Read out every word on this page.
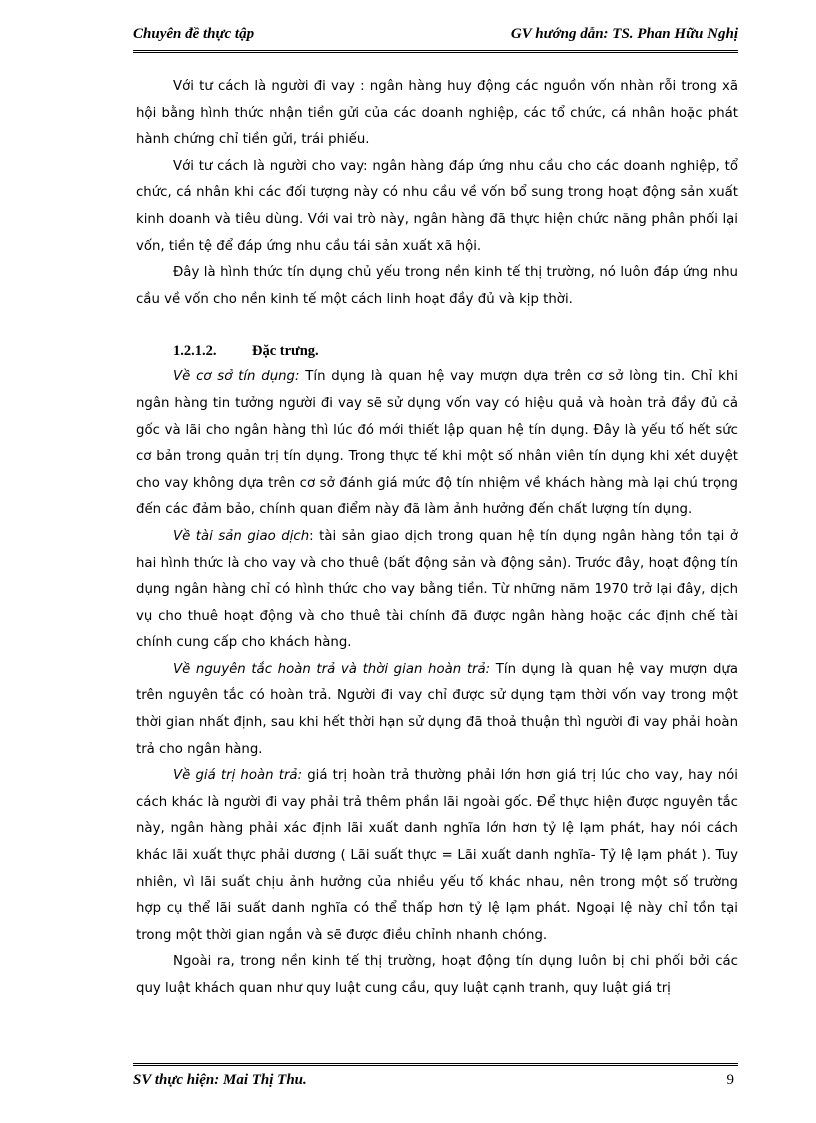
Chuyên đề thực tập	GV hướng dẫn: TS. Phan Hữu Nghị

Với tư cách là người đi vay : ngân hàng huy động các nguồn vốn nhàn rỗi trong xã hội bằng hình thức nhận tiền gửi của các doanh nghiệp, các tổ chức, cá nhân hoặc phát hành chứng chỉ tiền gửi, trái phiếu.

Với tư cách là người cho vay: ngân hàng đáp ứng nhu cầu cho các doanh nghiệp, tổ chức, cá nhân khi các đối tượng này có nhu cầu về vốn bổ sung trong hoạt động sản xuất kinh doanh và tiêu dùng. Với vai trò này, ngân hàng đã thực hiện chức năng phân phối lại vốn, tiền tệ để đáp ứng nhu cầu tái sản xuất xã hội.

Đây là hình thức tín dụng chủ yếu trong nền kinh tế thị trường, nó luôn đáp ứng nhu cầu về vốn cho nền kinh tế một cách linh hoạt đầy đủ và kịp thời.

1.2.1.2. Đặc trưng.

Về cơ sở tín dụng: Tín dụng là quan hệ vay mượn dựa trên cơ sở lòng tin. Chỉ khi ngân hàng tin tưởng người đi vay sẽ sử dụng vốn vay có hiệu quả và hoàn trả đầy đủ cả gốc và lãi cho ngân hàng thì lúc đó mới thiết lập quan hệ tín dụng. Đây là yếu tố hết sức cơ bản trong quản trị tín dụng. Trong thực tế khi một số nhân viên tín dụng khi xét duyệt cho vay không dựa trên cơ sở đánh giá mức độ tín nhiệm về khách hàng mà lại chú trọng đến các đảm bảo, chính quan điểm này đã làm ảnh hưởng đến chất lượng tín dụng.

Về tài sản giao dịch: tài sản giao dịch trong quan hệ tín dụng ngân hàng tồn tại ở hai hình thức là cho vay và cho thuê (bất động sản và động sản). Trước đây, hoạt động tín dụng ngân hàng chỉ có hình thức cho vay bằng tiền. Từ những năm 1970 trở lại đây, dịch vụ cho thuê hoạt động và cho thuê tài chính đã được ngân hàng hoặc các định chế tài chính cung cấp cho khách hàng.

Về nguyên tắc hoàn trả và thời gian hoàn trả: Tín dụng là quan hệ vay mượn dựa trên nguyên tắc có hoàn trả. Người đi vay chỉ được sử dụng tạm thời vốn vay trong một thời gian nhất định, sau khi hết thời hạn sử dụng đã thoả thuận thì người đi vay phải hoàn trả cho ngân hàng.

Về giá trị hoàn trả: giá trị hoàn trả thường phải lớn hơn giá trị lúc cho vay, hay nói cách khác là người đi vay phải trả thêm phần lãi ngoài gốc. Để thực hiện được nguyên tắc này, ngân hàng phải xác định lãi xuất danh nghĩa lớn hơn tỷ lệ lạm phát, hay nói cách khác lãi xuất thực phải dương ( Lãi suất thực = Lãi xuất danh nghĩa- Tỷ lệ lạm phát ). Tuy nhiên, vì lãi suất chịu ảnh hưởng của nhiều yếu tố khác nhau, nên trong một số trường hợp cụ thể lãi suất danh nghĩa có thể thấp hơn tỷ lệ lạm phát. Ngoại lệ này chỉ tồn tại trong một thời gian ngắn và sẽ được điều chỉnh nhanh chóng.

Ngoài ra, trong nền kinh tế thị trường, hoạt động tín dụng luôn bị chi phối bởi các quy luật khách quan như quy luật cung cầu, quy luật cạnh tranh, quy luật giá trị

SV thực hiện: Mai Thị Thu.	9
